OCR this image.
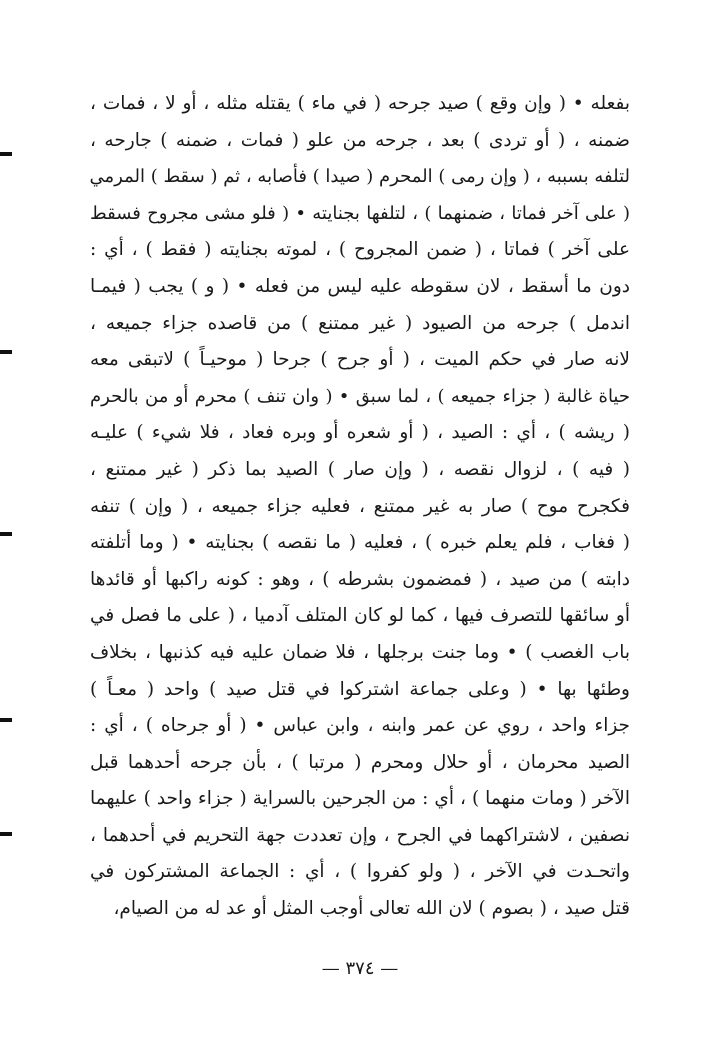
بفعله • ( وإن وقع ) صيد جرحه ( في ماء ) يقتله مثله ، أو لا ، فمات ،
ضمنه ، ( أو تردى ) بعد ، جرحه من علو ( فمات ، ضمنه ) جارحه ،
لتلفه بسببه ، ( وإن رمى ) المحرم ( صيدا ) فأصابه ، ثم ( سقط ) المرمي
( على آخر فماتا ، ضمنهما ) ، لتلفها بجنايته • ( فلو مشى مجروح فسقط
على آخر ) فماتا ، ( ضمن المجروح ) ، لموته بجنايته ( فقط ) ، أي :
دون ما أسقط ، لان سقوطه عليه ليس من فعله • ( و ) يجب ( فيمـا
اندمل ) جرحه من الصيود ( غير ممتنع ) من قاصده جزاء جميعه ،
لانه صار في حكم الميت ، ( أو جرح ) جرحا ( موحيـاً ) لاتبقى معه
حياة غالبة ( جزاء جميعه ) ، لما سبق • ( وان تنف ) محرم أو من بالحرم
( ريشه ) ، أي : الصيد ، ( أو شعره أو وبره فعاد ، فلا شيء ) عليـه
( فيه ) ، لزوال نقصه ، ( وإن صار ) الصيد بما ذكر ( غير ممتنع ،
فكجرح موح ) صار به غير ممتنع ، فعليه جزاء جميعه ، ( وإن ) تنفه
( فغاب ، فلم يعلم خبره ) ، فعليه ( ما نقصه ) بجنايته • ( وما أتلفته
دابته ) من صيد ، ( فمضمون بشرطه ) ، وهو : كونه راكبها أو قائدها
أو سائقها للتصرف فيها ، كما لو كان المتلف آدميا ، ( على ما فصل في
باب الغصب ) • وما جنت برجلها ، فلا ضمان عليه فيه كذنبها ، بخلاف
وطئها بها • ( وعلى جماعة اشتركوا في قتل صيد ) واحد ( معـاً )
جزاء واحد ، روي عن عمر وابنه ، وابن عباس • ( أو جرحاه ) ، أي :
الصيد محرمان ، أو حلال ومحرم ( مرتبا ) ، بأن جرحه أحدهما قبل
الآخر ( ومات منهما ) ، أي : من الجرحين بالسراية ( جزاء واحد ) عليهما
نصفين ، لاشتراكهما في الجرح ، وإن تعددت جهة التحريم في أحدهما ،
واتحـدت في الآخر ، ( ولو كفروا ) ، أي : الجماعة المشتركون في
قتل صيد ، ( بصوم ) لان الله تعالى أوجب المثل أو عد له من الصيام،
— ٣٧٤ —
